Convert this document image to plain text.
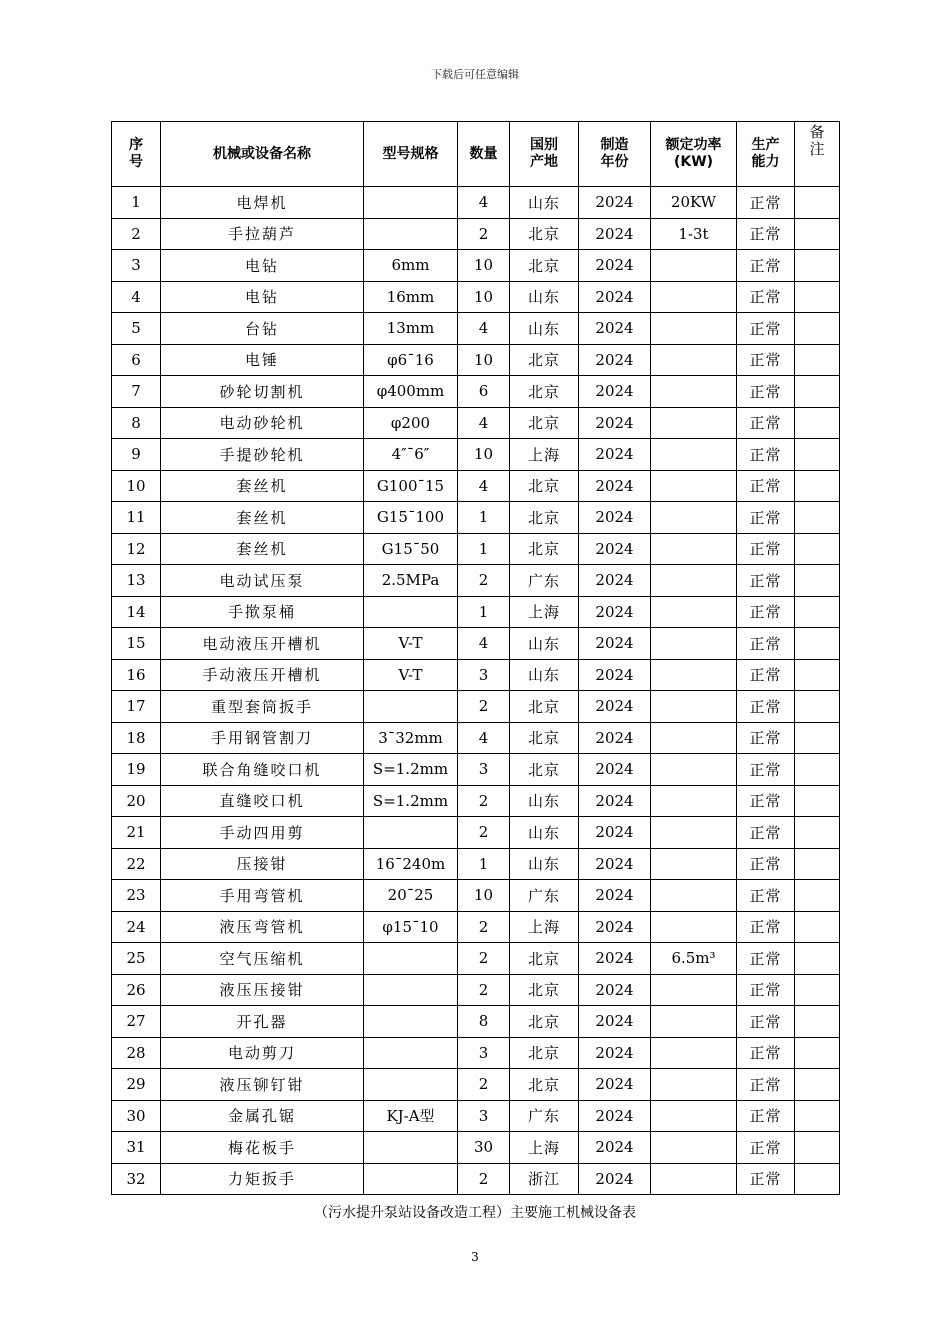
下载后可任意编辑
序号	机械或设备名称	型号规格	数量	国别产地	制造年份	额定功率(KW)	生产能力	备注
1	电焊机		4	山东	2024	20KW	正常	
2	手拉葫芦		2	北京	2024	1-3t	正常	
3	电钻	6mm	10	北京	2024		正常	
4	电钻	16mm	10	山东	2024		正常	
5	台钻	13mm	4	山东	2024		正常	
6	电锤	φ6¯16	10	北京	2024		正常	
7	砂轮切割机	φ400mm	6	北京	2024		正常	
8	电动砂轮机	φ200	4	北京	2024		正常	
9	手提砂轮机	4″¯6″	10	上海	2024		正常	
10	套丝机	G100¯15	4	北京	2024		正常	
11	套丝机	G15¯100	1	北京	2024		正常	
12	套丝机	G15¯50	1	北京	2024		正常	
13	电动试压泵	2.5MPa	2	广东	2024		正常	
14	手揿泵桶		1	上海	2024		正常	
15	电动液压开槽机	V-T	4	山东	2024		正常	
16	手动液压开槽机	V-T	3	山东	2024		正常	
17	重型套筒扳手		2	北京	2024		正常	
18	手用钢管割刀	3¯32mm	4	北京	2024		正常	
19	联合角缝咬口机	S=1.2mm	3	北京	2024		正常	
20	直缝咬口机	S=1.2mm	2	山东	2024		正常	
21	手动四用剪		2	山东	2024		正常	
22	压接钳	16¯240m	1	山东	2024		正常	
23	手用弯管机	20¯25	10	广东	2024		正常	
24	液压弯管机	φ15¯10	2	上海	2024		正常	
25	空气压缩机		2	北京	2024	6.5m³	正常	
26	液压压接钳		2	北京	2024		正常	
27	开孔器		8	北京	2024		正常	
28	电动剪刀		3	北京	2024		正常	
29	液压铆钉钳		2	北京	2024		正常	
30	金属孔锯	KJ-A型	3	广东	2024		正常	
31	梅花板手		30	上海	2024		正常	
32	力矩扳手		2	浙江	2024		正常	
（污水提升泵站设备改造工程）主要施工机械设备表
3
